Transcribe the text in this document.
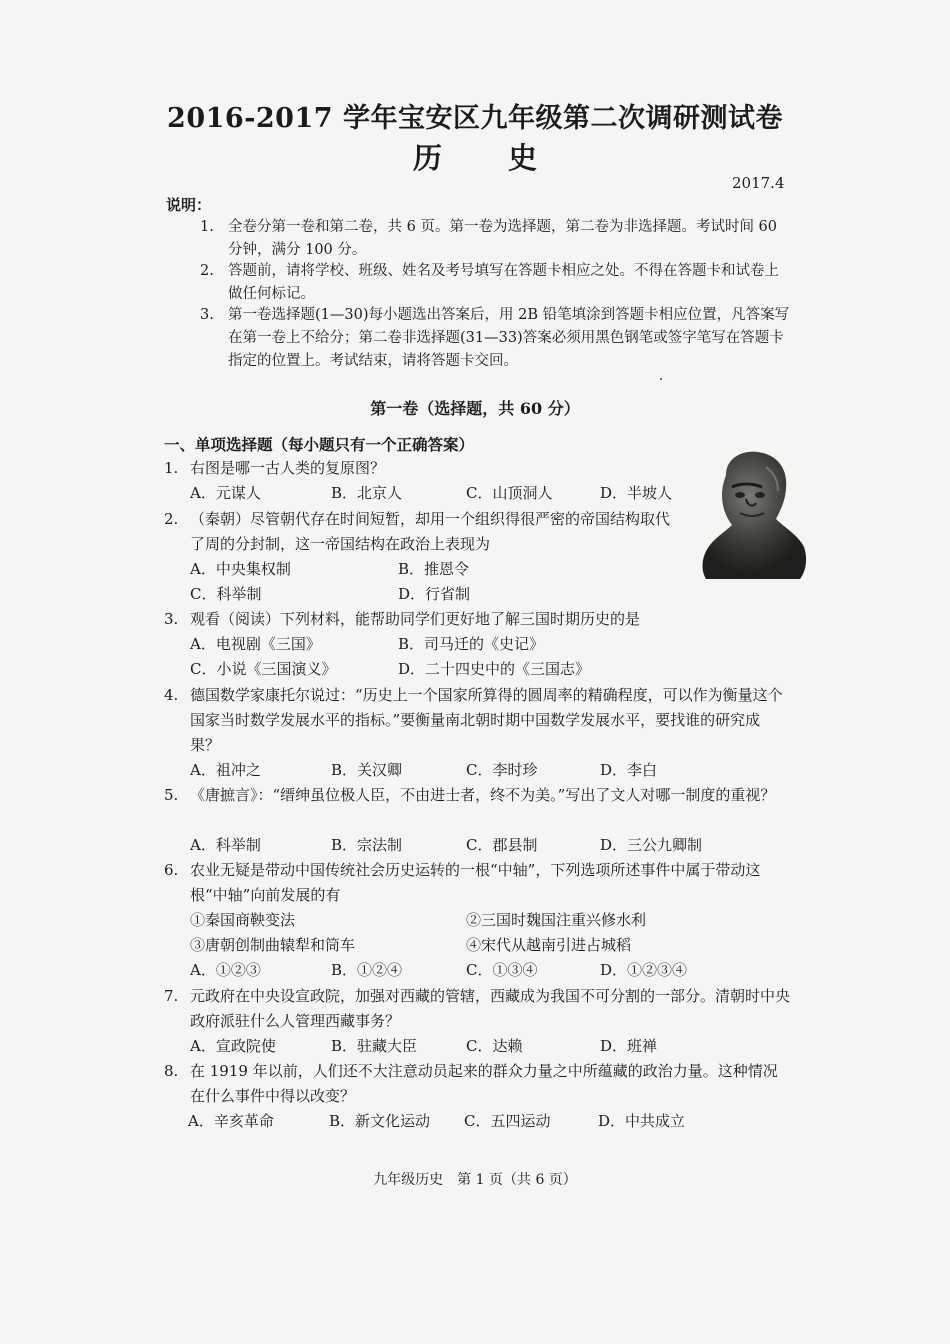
2016-2017 学年宝安区九年级第二次调研测试卷
历 史
2017.4
说明：
1. 全卷分第一卷和第二卷，共 6 页。第一卷为选择题，第二卷为非选择题。考试时间 60 分钟，满分 100 分。
2. 答题前，请将学校、班级、姓名及考号填写在答题卡相应之处。不得在答题卡和试卷上做任何标记。
3. 第一卷选择题(1—30)每小题选出答案后，用 2B 铅笔填涂到答题卡相应位置，凡答案写在第一卷上不给分；第二卷非选择题(31—33)答案必须用黑色钢笔或签字笔写在答题卡指定的位置上。考试结束，请将答题卡交回。
第一卷（选择题，共 60 分）
一、单项选择题（每小题只有一个正确答案）
1. 右图是哪一古人类的复原图？
A．元谋人	B．北京人	C．山顶洞人	D．半坡人
2. （秦朝）尽管朝代存在时间短暂，却用一个组织得很严密的帝国结构取代了周的分封制，这一帝国结构在政治上表现为
A．中央集权制	B．推恩令
C．科举制	D．行省制
3. 观看（阅读）下列材料，能帮助同学们更好地了解三国时期历史的是
A．电视剧《三国》	B．司马迁的《史记》
C．小说《三国演义》	D．二十四史中的《三国志》
4. 德国数学家康托尔说过：“历史上一个国家所算得的圆周率的精确程度，可以作为衡量这个国家当时数学发展水平的指标。”要衡量南北朝时期中国数学发展水平，要找谁的研究成果？
A．祖冲之	B．关汉卿	C．李时珍	D．李白
5. 《唐摭言》：“缙绅虽位极人臣，不由进士者，终不为美。”写出了文人对哪一制度的重视？
A．科举制	B．宗法制	C．郡县制	D．三公九卿制
6. 农业无疑是带动中国传统社会历史运转的一根“中轴”，下列选项所述事件中属于带动这根“中轴”向前发展的有
①秦国商鞅变法	②三国时魏国注重兴修水利
③唐朝创制曲辕犁和筒车	④宋代从越南引进占城稻
A．①②③	B．①②④	C．①③④	D．①②③④
7. 元政府在中央设宣政院，加强对西藏的管辖，西藏成为我国不可分割的一部分。清朝时中央政府派驻什么人管理西藏事务？
A．宣政院使	B．驻藏大臣	C．达赖	D．班禅
8. 在 1919 年以前，人们还不大注意动员起来的群众力量之中所蕴藏的政治力量。这种情况在什么事件中得以改变？
A．辛亥革命	B．新文化运动 C．五四运动	D．中共成立
九年级历史　第 1 页（共 6 页）
